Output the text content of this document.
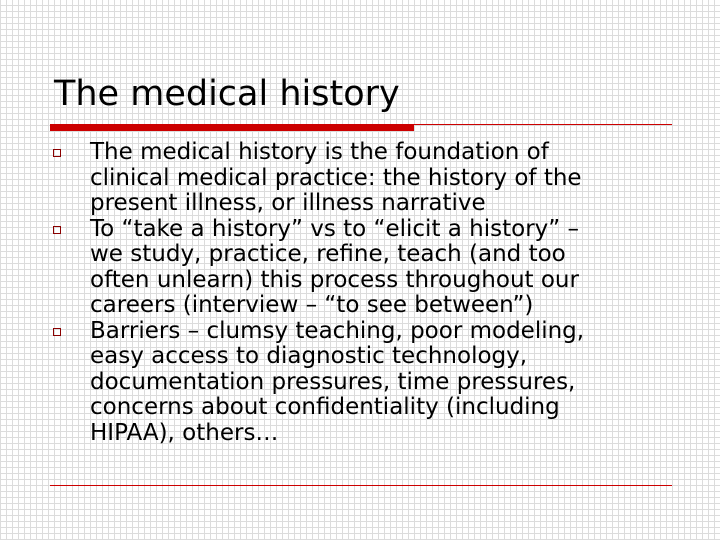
The medical history
The medical history is the foundation of
clinical medical practice: the history of the
present illness, or illness narrative
To “take a history” vs to “elicit a history” –
we study, practice, refine, teach (and too
often unlearn) this process throughout our
careers (interview – “to see between”)
Barriers – clumsy teaching, poor modeling,
easy access to diagnostic technology,
documentation pressures, time pressures,
concerns about confidentiality (including
HIPAA), others…
